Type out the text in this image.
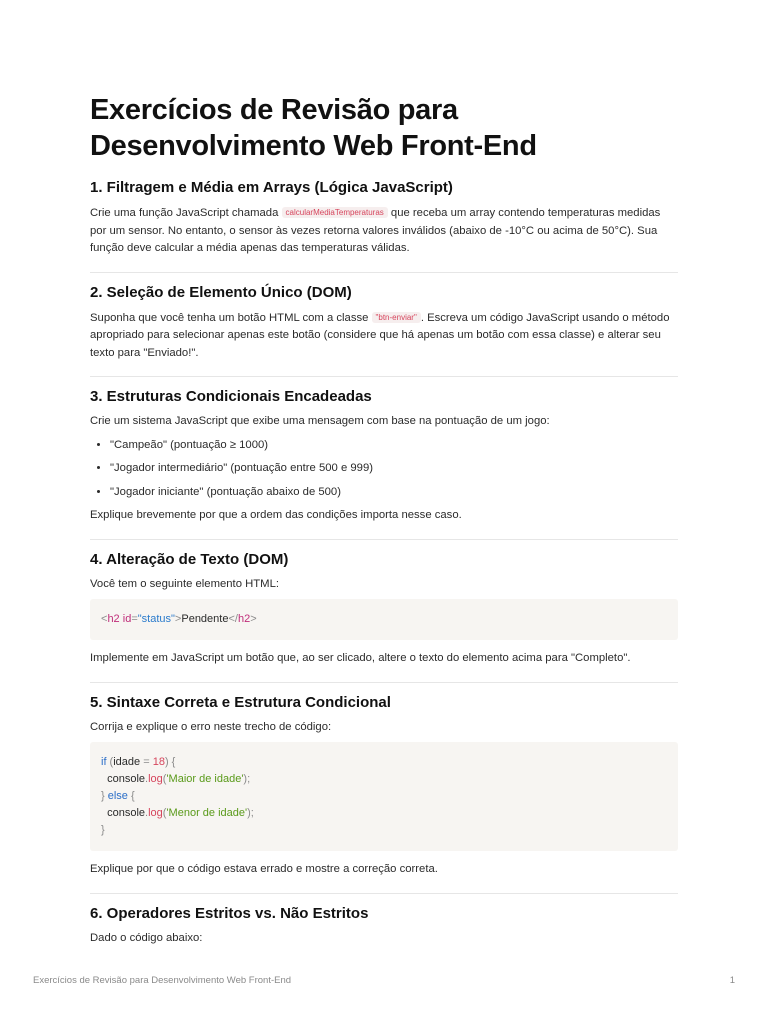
Exercícios de Revisão para Desenvolvimento Web Front-End
1. Filtragem e Média em Arrays (Lógica JavaScript)

Crie uma função JavaScript chamada calcularMediaTemperaturas que receba um array contendo temperaturas medidas por um sensor. No entanto, o sensor às vezes retorna valores inválidos (abaixo de -10°C ou acima de 50°C). Sua função deve calcular a média apenas das temperaturas válidas.

2. Seleção de Elemento Único (DOM)

Suponha que você tenha um botão HTML com a classe "btn-enviar" . Escreva um código JavaScript usando o método apropriado para selecionar apenas este botão (considere que há apenas um botão com essa classe) e alterar seu texto para "Enviado!".

3. Estruturas Condicionais Encadeadas

Crie um sistema JavaScript que exibe uma mensagem com base na pontuação de um jogo:

• "Campeão" (pontuação ≥ 1000)
• "Jogador intermediário" (pontuação entre 500 e 999)
• "Jogador iniciante" (pontuação abaixo de 500)

Explique brevemente por que a ordem das condições importa nesse caso.

4. Alteração de Texto (DOM)

Você tem o seguinte elemento HTML:

<h2 id="status">Pendente</h2>

Implemente em JavaScript um botão que, ao ser clicado, altere o texto do elemento acima para "Completo".

5. Sintaxe Correta e Estrutura Condicional

Corrija e explique o erro neste trecho de código:

if (idade = 18) {
console.log('Maior de idade');
} else {
console.log('Menor de idade');
}

Explique por que o código estava errado e mostre a correção correta.

6. Operadores Estritos vs. Não Estritos

Dado o código abaixo:

Exercícios de Revisão para Desenvolvimento Web Front-End	1
